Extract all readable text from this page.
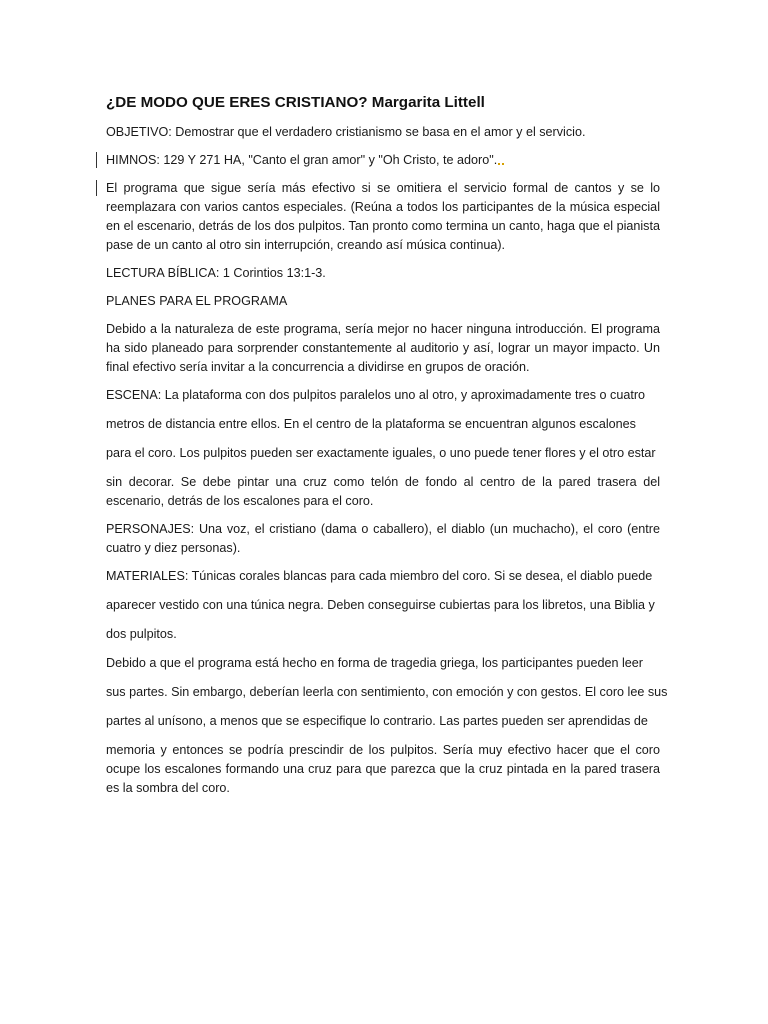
¿DE MODO QUE ERES CRISTIANO? Margarita Littell

OBJETIVO: Demostrar que el verdadero cristianismo se basa en el amor y el servicio.

HIMNOS: 129 Y 271 HA, "Canto el gran amor" y "Oh Cristo, te adoro".

El programa que sigue sería más efectivo si se omitiera el servicio formal de cantos y se lo reemplazara con varios cantos especiales. (Reúna a todos los participantes de la música especial en el escenario, detrás de los dos pulpitos. Tan pronto como termina un canto, haga que el pianista pase de un canto al otro sin interrupción, creando así música continua).

LECTURA BÍBLICA: 1 Corintios 13:1-3.

PLANES PARA EL PROGRAMA

Debido a la naturaleza de este programa, sería mejor no hacer ninguna introducción. El programa ha sido planeado para sorprender constantemente al auditorio y así, lograr un mayor impacto. Un final efectivo sería invitar a la concurrencia a dividirse en grupos de oración.

ESCENA: La plataforma con dos pulpitos paralelos uno al otro, y aproximadamente tres o cuatro
metros de distancia entre ellos. En el centro de la plataforma se encuentran algunos escalones
para el coro. Los pulpitos pueden ser exactamente iguales, o uno puede tener flores y el otro estar
sin decorar. Se debe pintar una cruz como telón de fondo al centro de la pared trasera del escenario, detrás de los escalones para el coro.

PERSONAJES: Una voz, el cristiano (dama o caballero), el diablo (un muchacho), el coro (entre cuatro y diez personas).

MATERIALES: Túnicas corales blancas para cada miembro del coro. Si se desea, el diablo puede
aparecer vestido con una túnica negra. Deben conseguirse cubiertas para los libretos, una Biblia y
dos pulpitos.
Debido a que el programa está hecho en forma de tragedia griega, los participantes pueden leer
sus partes. Sin embargo, deberían leerla con sentimiento, con emoción y con gestos. El coro lee sus
partes al unísono, a menos que se especifique lo contrario. Las partes pueden ser aprendidas de
memoria y entonces se podría prescindir de los pulpitos. Sería muy efectivo hacer que el coro ocupe los escalones formando una cruz para que parezca que la cruz pintada en la pared trasera es la sombra del coro.
